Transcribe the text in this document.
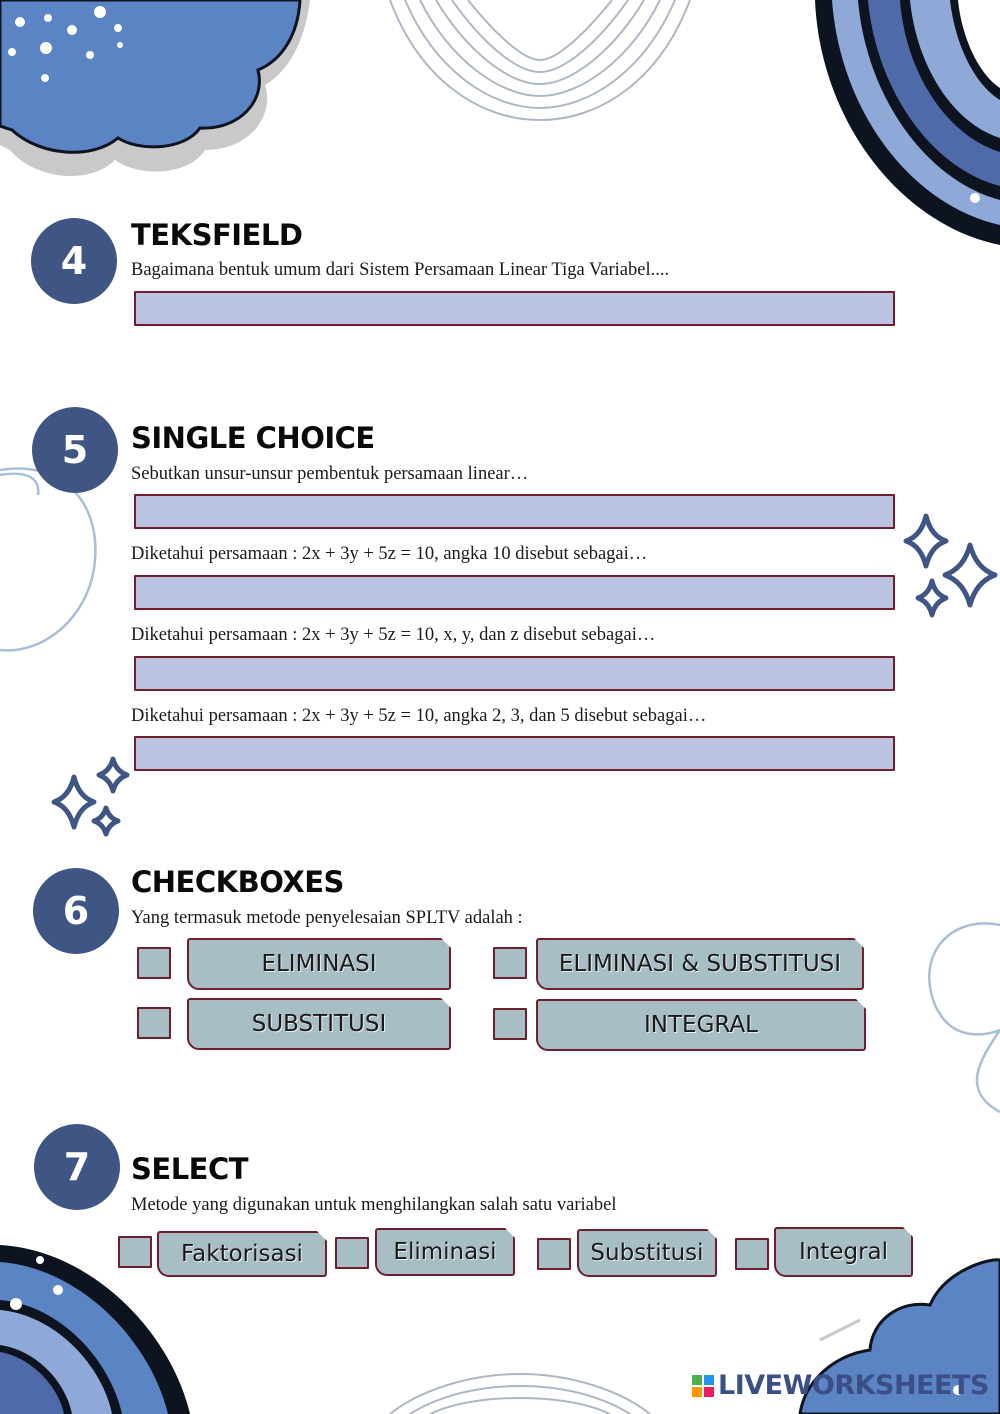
4
TEKSFIELD

Bagaimana bentuk umum dari Sistem Persamaan Linear Tiga Variabel....

5	SINGLE CHOICE

Sebutkan unsur-unsur pembentuk persamaan linear…

Diketahui persamaan : 2x + 3y + 5z = 10, angka 10 disebut sebagai…

Diketahui persamaan : 2x + 3y + 5z = 10, x, y, dan z disebut sebagai…

Diketahui persamaan : 2x + 3y + 5z = 10, angka 2, 3, dan 5 disebut sebagai…

6
CHECKBOXES

Yang termasuk metode penyelesaian SPLTV adalah :

ELIMINASI	ELIMINASI & SUBSTITUSI
SUBSTITUSI	INTEGRAL
7	SELECT

Metode yang digunakan untuk menghilangkan salah satu variabel

Faktorisasi	Eliminasi	Substitusi	Integral
LIVEWORKSHEETS
